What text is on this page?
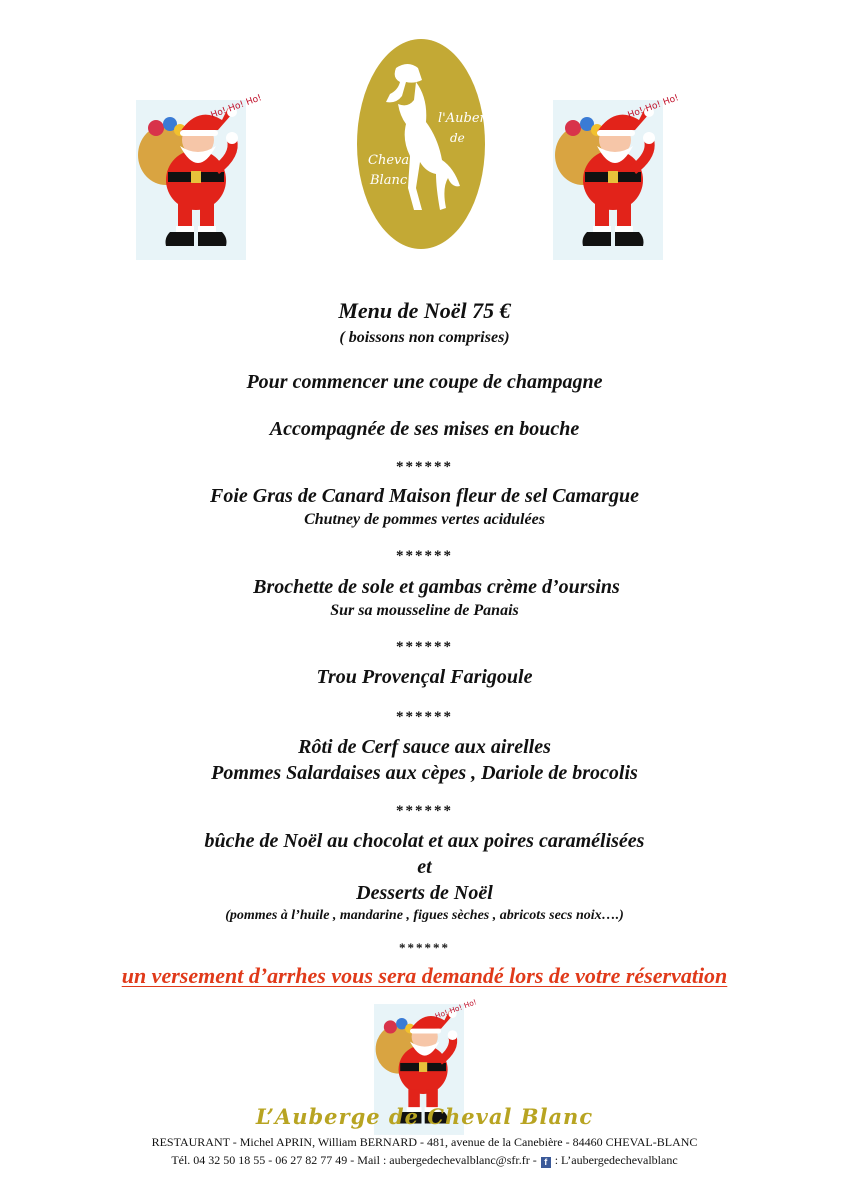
Ho! Ho! Ho!	Ho! Ho! Ho!
l'Auberge
de
Cheval
Blanc
Menu de Noël 75 €
( boissons non comprises)
Pour commencer une coupe de champagne
Accompagnée de ses mises en bouche
******
Foie Gras de Canard Maison fleur de sel Camargue
Chutney de pommes vertes acidulées
******
Brochette de sole et gambas crème d’oursins
Sur sa mousseline de Panais
******
Trou Provençal Farigoule
******
Rôti de Cerf sauce aux airelles
Pommes Salardaises aux cèpes , Dariole de brocolis
******
bûche de Noël au chocolat et aux poires caramélisées
et
Desserts de Noël
(pommes à l’huile , mandarine , figues sèches , abricots secs noix….)
******
un versement d’arrhes vous sera demandé lors de votre réservation
Ho! Ho! Ho!
L’Auberge de Cheval Blanc
RESTAURANT - Michel APRIN, William BERNARD - 481, avenue de la Canebière - 84460 CHEVAL-BLANC
Tél. 04 32 50 18 55 - 06 27 82 77 49 - Mail : aubergedechevalblanc@sfr.fr - f : L’aubergedechevalblanc
